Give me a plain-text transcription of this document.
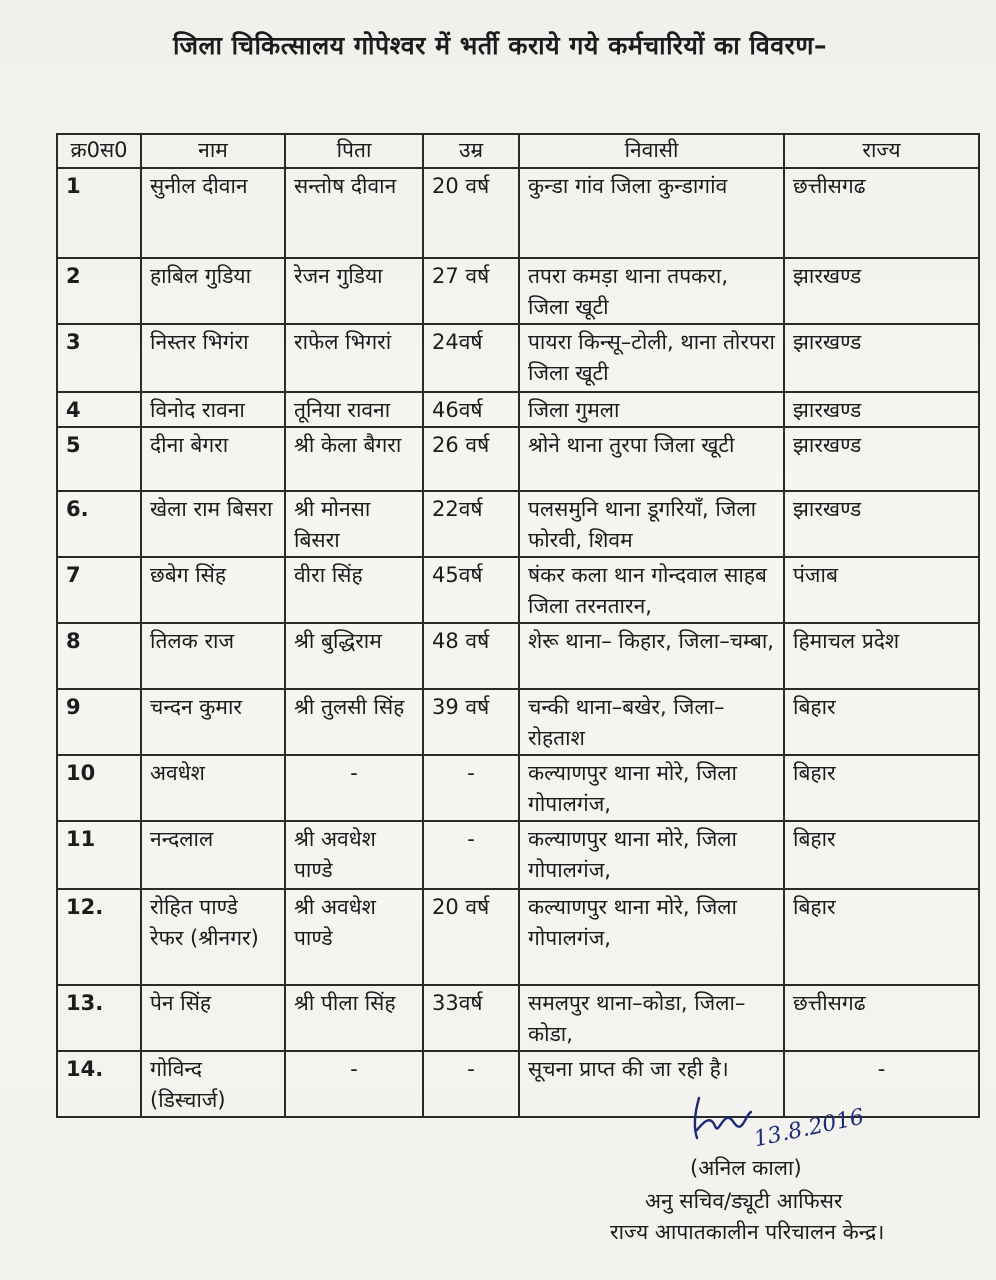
जिला चिकित्सालय गोपेश्वर में भर्ती कराये गये कर्मचारियों का विवरण–
क्र0स0	नाम	पिता	उम्र	निवासी	राज्य
1	सुनील दीवान	सन्तोष दीवान	20 वर्ष	कुन्डा गांव जिला कुन्डागांव	छत्तीसगढ
2	हाबिल गुडिया	रेजन गुडिया	27 वर्ष	तपरा कमड़ा थाना तपकरा, जिला खूटी	झारखण्ड
3	निस्तर भिगंरा	राफेल भिगरां	24वर्ष	पायरा किन्सू–टोली, थाना तोरपरा जिला खूटी	झारखण्ड
4	विनोद रावना	तूनिया रावना	46वर्ष	जिला गुमला	झारखण्ड
5	दीना बेगरा	श्री केला बैगरा	26 वर्ष	श्रोने थाना तुरपा जिला खूटी	झारखण्ड
6.	खेला राम बिसरा	श्री मोनसा बिसरा	22वर्ष	पलसमुनि थाना डूगरियॉं, जिला फोरवी, शिवम	झारखण्ड
7	छबेग सिंह	वीरा सिंह	45वर्ष	षंकर कला थान गोन्दवाल साहब जिला तरनतारन,	पंजाब
8	तिलक राज	श्री बुद्धिराम	48 वर्ष	शेरू थाना– किहार, जिला–चम्बा,	हिमाचल प्रदेश
9	चन्दन कुमार	श्री तुलसी सिंह	39 वर्ष	चन्की थाना–बखेर, जिला–रोहताश	बिहार
10	अवधेश	-	-	कल्याणपुर थाना मोरे, जिला गोपालगंज,	बिहार
11	नन्दलाल	श्री अवधेश पाण्डे	-	कल्याणपुर थाना मोरे, जिला गोपालगंज,	बिहार
12.	रोहित पाण्डे रेफर (श्रीनगर)	श्री अवधेश पाण्डे	20 वर्ष	कल्याणपुर थाना मोरे, जिला गोपालगंज,	बिहार
13.	पेन सिंह	श्री पीला सिंह	33वर्ष	समलपुर थाना–कोडा, जिला–कोडा,	छत्तीसगढ
14.	गोविन्द (डिस्चार्ज)	-	-	सूचना प्राप्त की जा रही है।	-
13.8.2016
(अनिल काला)
अनु सचिव/ड्यूटी आफिसर
राज्य आपातकालीन परिचालन केन्द्र।
